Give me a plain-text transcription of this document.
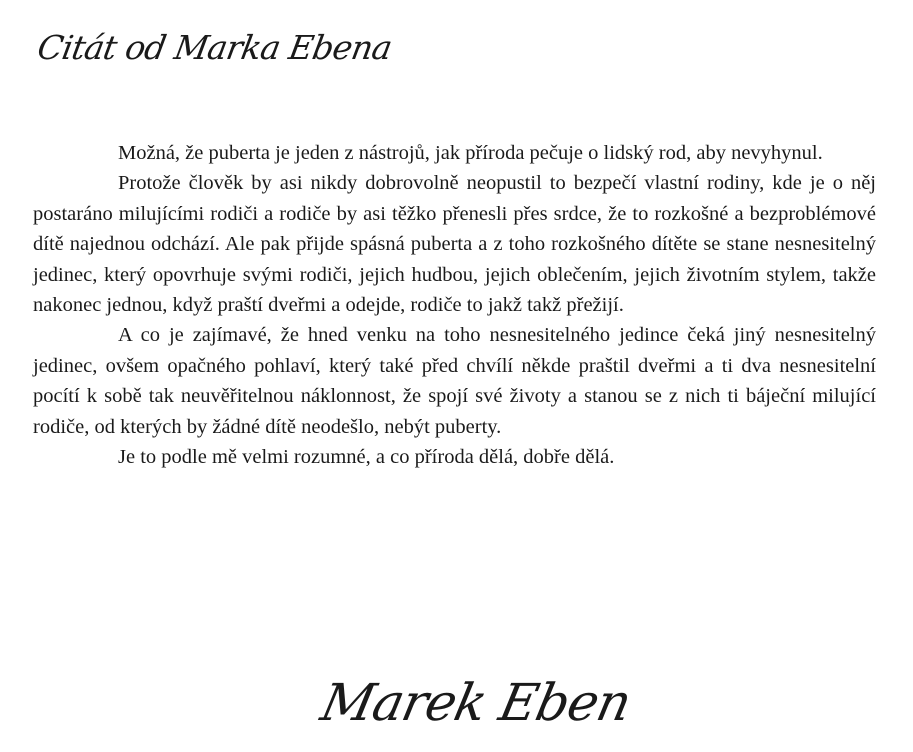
Citát od Marka Ebena

Možná, že puberta je jeden z nástrojů, jak příroda pečuje o lidský rod, aby nevyhynul.

Protože člověk by asi nikdy dobrovolně neopustil to bezpečí vlastní rodiny, kde je o něj postaráno milujícími rodiči a rodiče by asi těžko přenesli přes srdce, že to rozkošné a bezproblémové dítě najednou odchází. Ale pak přijde spásná puberta a z toho rozkošného dítěte se stane nesnesitelný jedinec, který opovrhuje svými rodiči, jejich hudbou, jejich oblečením, jejich životním stylem, takže nakonec jednou, když praští dveřmi a odejde, rodiče to jakž takž přežijí.

A co je zajímavé, že hned venku na toho nesnesitelného jedince čeká jiný nesnesitelný jedinec, ovšem opačného pohlaví, který také před chvílí někde praštil dveřmi a ti dva nesnesitelní pocítí k sobě tak neuvěřitelnou náklonnost, že spojí své životy a stanou se z nich ti báječní milující rodiče, od kterých by žádné dítě neodešlo, nebýt puberty.

Je to podle mě velmi rozumné, a co příroda dělá, dobře dělá.

Marek Eben
